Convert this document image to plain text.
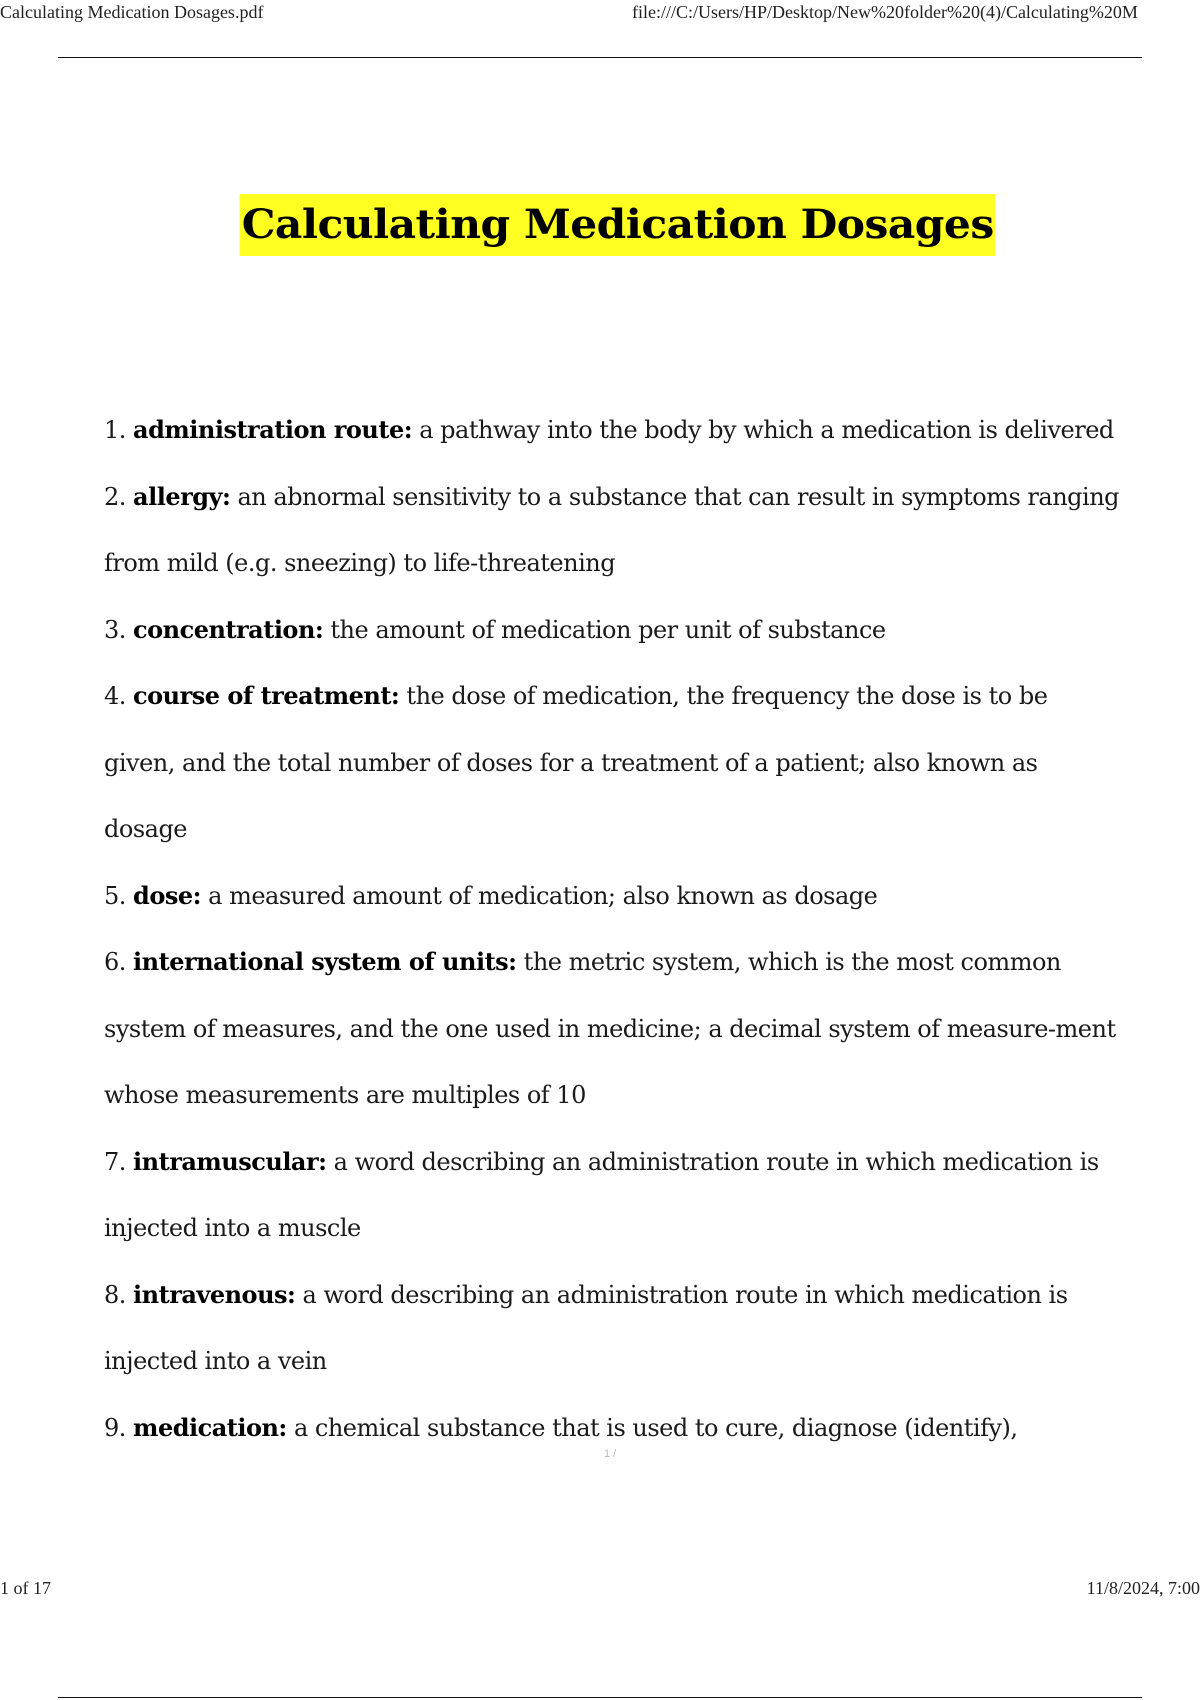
Calculating Medication Dosages.pdf	file:///C:/Users/HP/Desktop/New%20folder%20(4)/Calculating%20M
Calculating Medication Dosages

1. administration route: a pathway into the body by which a medication is delivered

2. allergy: an abnormal sensitivity to a substance that can result in symptoms ranging from mild (e.g. sneezing) to life-threatening

3. concentration: the amount of medication per unit of substance

4. course of treatment: the dose of medication, the frequency the dose is to be given, and the total number of doses for a treatment of a patient; also known as dosage

5. dose: a measured amount of medication; also known as dosage

6. international system of units: the metric system, which is the most common system of measures, and the one used in medicine; a decimal system of measure-ment whose measurements are multiples of 10

7. intramuscular: a word describing an administration route in which medication is injected into a muscle

8. intravenous: a word describing an administration route in which medication is injected into a vein

9. medication: a chemical substance that is used to cure, diagnose (identify),

1 /
1 of 17	11/8/2024, 7:00
